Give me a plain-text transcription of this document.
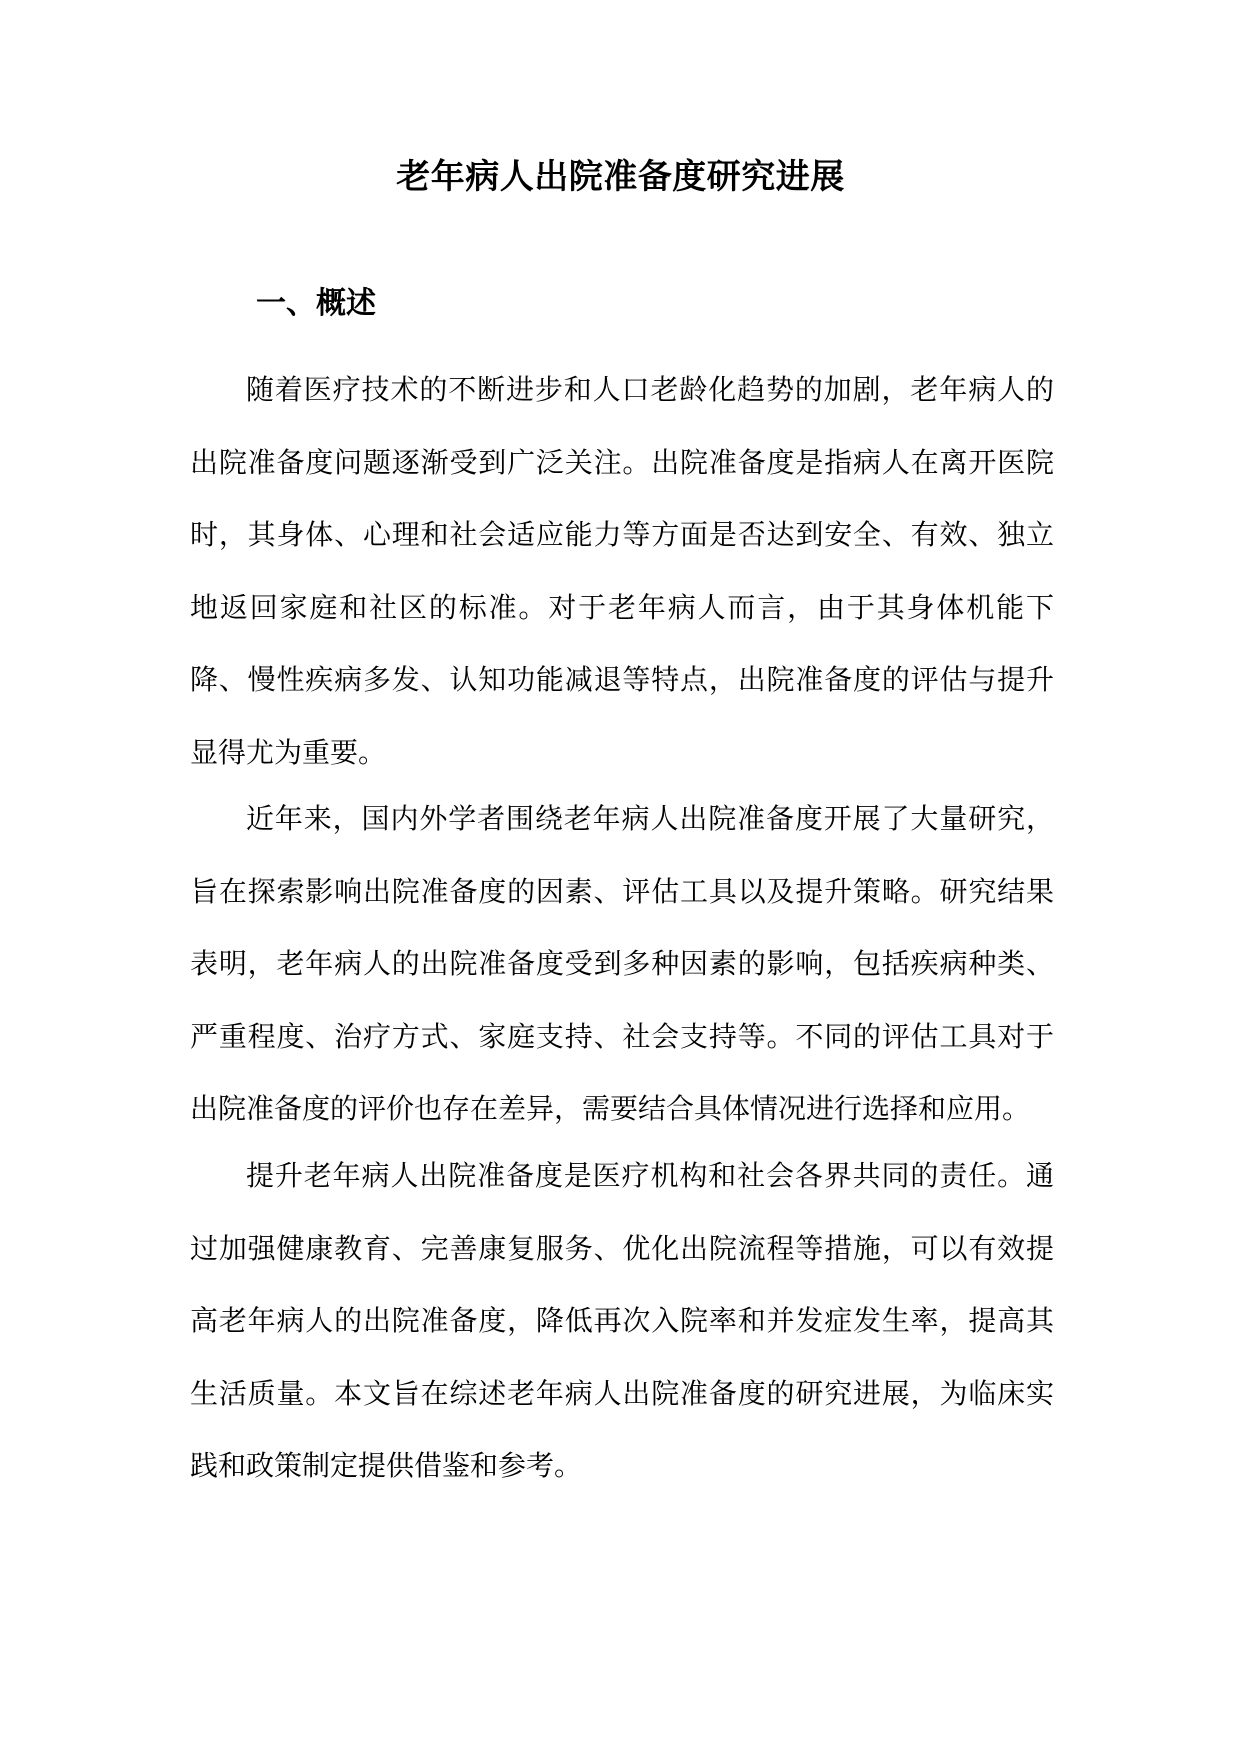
老年病人出院准备度研究进展
一、概述

随着医疗技术的不断进步和人口老龄化趋势的加剧，老年病人的出院准备度问题逐渐受到广泛关注。出院准备度是指病人在离开医院时，其身体、心理和社会适应能力等方面是否达到安全、有效、独立地返回家庭和社区的标准。对于老年病人而言，由于其身体机能下降、慢性疾病多发、认知功能减退等特点，出院准备度的评估与提升显得尤为重要。

近年来，国内外学者围绕老年病人出院准备度开展了大量研究，旨在探索影响出院准备度的因素、评估工具以及提升策略。研究结果表明，老年病人的出院准备度受到多种因素的影响，包括疾病种类、严重程度、治疗方式、家庭支持、社会支持等。不同的评估工具对于出院准备度的评价也存在差异，需要结合具体情况进行选择和应用。

提升老年病人出院准备度是医疗机构和社会各界共同的责任。通过加强健康教育、完善康复服务、优化出院流程等措施，可以有效提高老年病人的出院准备度，降低再次入院率和并发症发生率，提高其生活质量。本文旨在综述老年病人出院准备度的研究进展，为临床实践和政策制定提供借鉴和参考。
